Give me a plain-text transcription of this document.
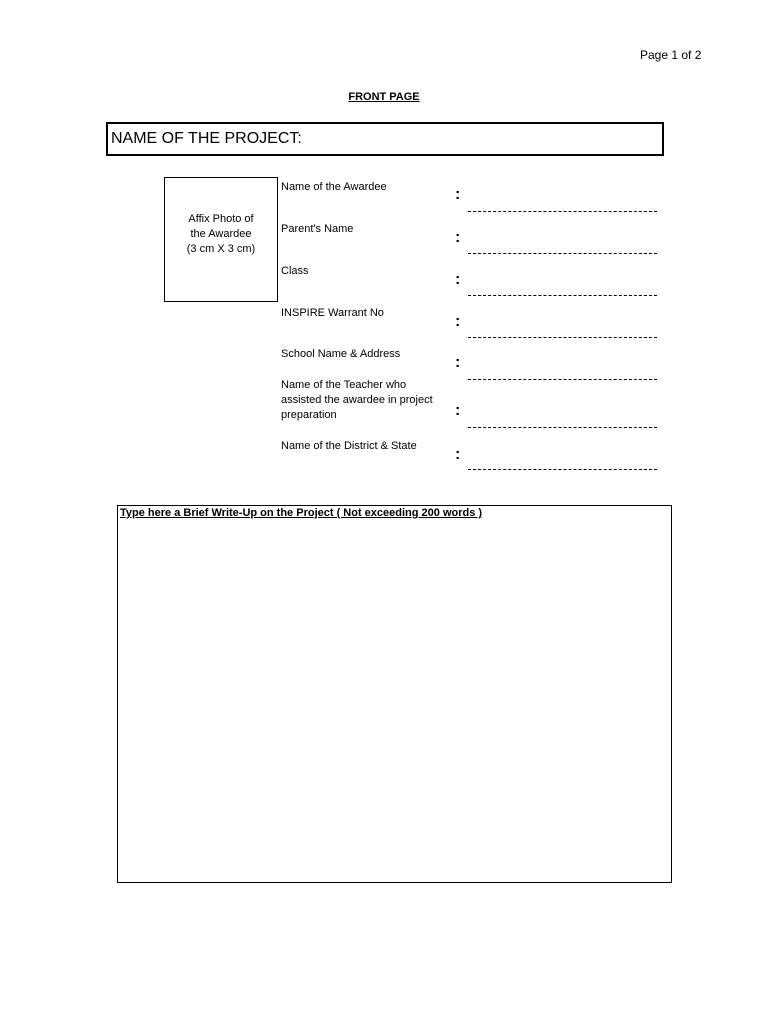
Page 1 of 2
FRONT PAGE
NAME OF THE PROJECT:
Affix Photo of
the Awardee
(3 cm X 3 cm)
Name of the Awardee	:
Parent's Name	:
Class	:
INSPIRE Warrant No	:
School Name & Address	:
Name of the Teacher who assisted the awardee in project preparation	:
Name of the District & State	:
Type here a Brief Write-Up on the Project ( Not exceeding 200 words )
